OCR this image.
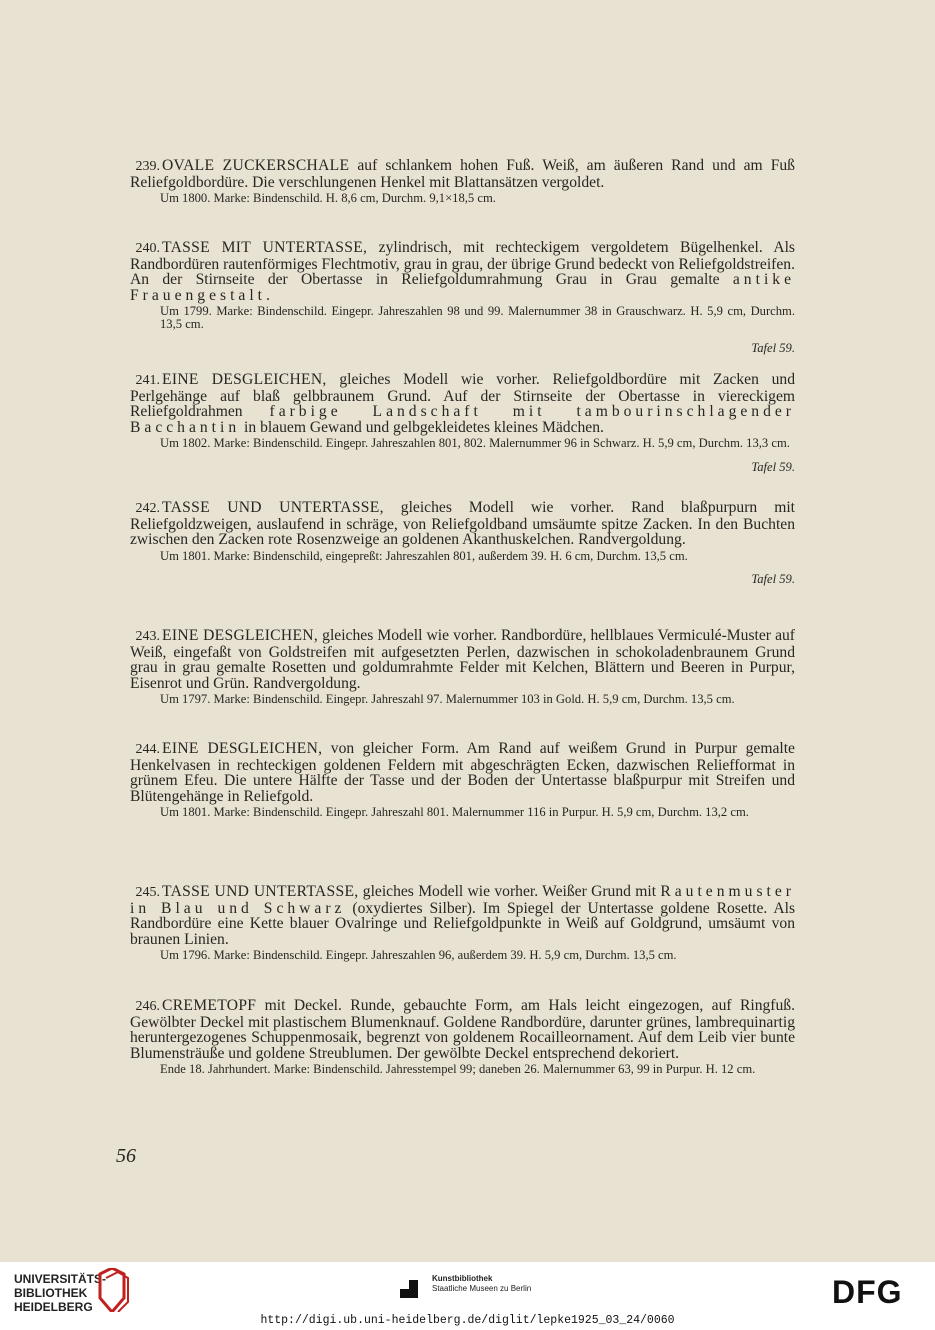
239. OVALE ZUCKERSCHALE auf schlankem hohen Fuß. Weiß, am äußeren Rand und am Fuß Reliefgoldbordüre. Die verschlungenen Henkel mit Blattansätzen vergoldet.
Um 1800. Marke: Bindenschild. H. 8,6 cm, Durchm. 9,1×18,5 cm.
240. TASSE MIT UNTERTASSE, zylindrisch, mit rechteckigem vergoldetem Bügelhenkel. Als Randbordüren rautenförmiges Flechtmotiv, grau in grau, der übrige Grund bedeckt von Reliefgoldstreifen. An der Stirnseite der Obertasse in Reliefgoldumrahmung Grau in Grau gemalte antike Frauengestalt.
Um 1799. Marke: Bindenschild. Eingepr. Jahreszahlen 98 und 99. Malernummer 38 in Grauschwarz. H. 5,9 cm, Durchm. 13,5 cm.
Tafel 59.
241. EINE DESGLEICHEN, gleiches Modell wie vorher. Reliefgoldbordüre mit Zacken und Perlgehänge auf blaß gelbbraunem Grund. Auf der Stirnseite der Obertasse in viereckigem Reliefgoldrahmen farbige Landschaft mit tambourinschlagender Bacchantin in blauem Gewand und gelbgekleidetes kleines Mädchen.
Um 1802. Marke: Bindenschild. Eingepr. Jahreszahlen 801, 802. Malernummer 96 in Schwarz. H. 5,9 cm, Durchm. 13,3 cm.
Tafel 59.
242. TASSE UND UNTERTASSE, gleiches Modell wie vorher. Rand blaßpurpurn mit Reliefgoldzweigen, auslaufend in schräge, von Reliefgoldband umsäumte spitze Zacken. In den Buchten zwischen den Zacken rote Rosenzweige an goldenen Akanthuskelchen. Randvergoldung.
Um 1801. Marke: Bindenschild, eingepreßt: Jahreszahlen 801, außerdem 39. H. 6 cm, Durchm. 13,5 cm.
Tafel 59.
243. EINE DESGLEICHEN, gleiches Modell wie vorher. Randbordüre, hellblaues Vermiculé-Muster auf Weiß, eingefaßt von Goldstreifen mit aufgesetzten Perlen, dazwischen in schokoladenbraunem Grund grau in grau gemalte Rosetten und goldumrahmte Felder mit Kelchen, Blättern und Beeren in Purpur, Eisenrot und Grün. Randvergoldung.
Um 1797. Marke: Bindenschild. Eingepr. Jahreszahl 97. Malernummer 103 in Gold. H. 5,9 cm, Durchm. 13,5 cm.
244. EINE DESGLEICHEN, von gleicher Form. Am Rand auf weißem Grund in Purpur gemalte Henkelvasen in rechteckigen goldenen Feldern mit abgeschrägten Ecken, dazwischen Reliefformat in grünem Efeu. Die untere Hälfte der Tasse und der Boden der Untertasse blaßpurpur mit Streifen und Blütengehänge in Reliefgold.
Um 1801. Marke: Bindenschild. Eingepr. Jahreszahl 801. Malernummer 116 in Purpur. H. 5,9 cm, Durchm. 13,2 cm.
245. TASSE UND UNTERTASSE, gleiches Modell wie vorher. Weißer Grund mit Rautenmuster in Blau und Schwarz (oxydiertes Silber). Im Spiegel der Untertasse goldene Rosette. Als Randbordüre eine Kette blauer Ovalringe und Reliefgoldpunkte in Weiß auf Goldgrund, umsäumt von braunen Linien.
Um 1796. Marke: Bindenschild. Eingepr. Jahreszahlen 96, außerdem 39. H. 5,9 cm, Durchm. 13,5 cm.
246. CREMETOPF mit Deckel. Runde, gebauchte Form, am Hals leicht eingezogen, auf Ringfuß. Gewölbter Deckel mit plastischem Blumenknauf. Goldene Randbordüre, darunter grünes, lambrequinartig heruntergezogenes Schuppenmosaik, begrenzt von goldenem Rocailleornament. Auf dem Leib vier bunte Blumensträuße und goldene Streublumen. Der gewölbte Deckel entsprechend dekoriert.
Ende 18. Jahrhundert. Marke: Bindenschild. Jahresstempel 99; daneben 26. Malernummer 63, 99 in Purpur. H. 12 cm.
56
UNIVERSITÄTS-
BIBLIOTHEK
HEIDELBERG
Kunstbibliothek
Staatliche Museen zu Berlin	DFG
http://digi.ub.uni-heidelberg.de/diglit/lepke1925_03_24/0060
